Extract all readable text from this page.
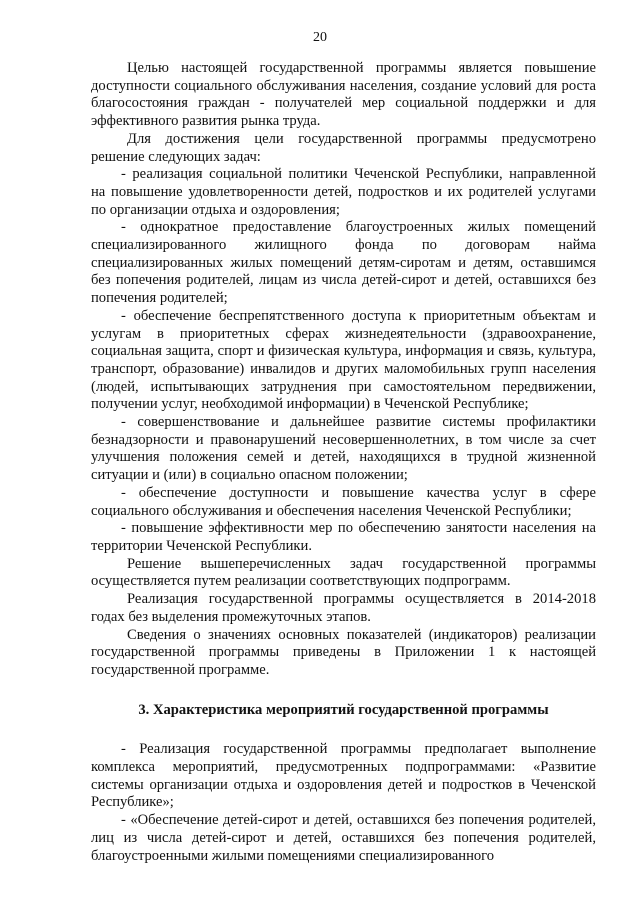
20

Целью настоящей государственной программы является повышение доступности социального обслуживания населения, создание условий для роста благосостояния граждан - получателей мер социальной поддержки и для эффективного развития рынка труда.

Для достижения цели государственной программы предусмотрено решение следующих задач:

- реализация социальной политики Чеченской Республики, направленной на повышение удовлетворенности детей, подростков и их родителей услугами по организации отдыха и оздоровления;

- однократное предоставление благоустроенных жилых помещений специализированного жилищного фонда по договорам найма специализированных жилых помещений детям-сиротам и детям, оставшимся без попечения родителей, лицам из числа детей-сирот и детей, оставшихся без попечения родителей;

- обеспечение беспрепятственного доступа к приоритетным объектам и услугам в приоритетных сферах жизнедеятельности (здравоохранение, социальная защита, спорт и физическая культура, информация и связь, культура, транспорт, образование) инвалидов и других маломобильных групп населения (людей, испытывающих затруднения при самостоятельном передвижении, получении услуг, необходимой информации) в Чеченской Республике;

- совершенствование и дальнейшее развитие системы профилактики безнадзорности и правонарушений несовершеннолетних, в том числе за счет улучшения положения семей и детей, находящихся в трудной жизненной ситуации и (или) в социально опасном положении;

- обеспечение доступности и повышение качества услуг в сфере социального обслуживания и обеспечения населения Чеченской Республики;

- повышение эффективности мер по обеспечению занятости населения на территории Чеченской Республики.

Решение вышеперечисленных задач государственной программы осуществляется путем реализации соответствующих подпрограмм.

Реализация государственной программы осуществляется в 2014-2018 годах без выделения промежуточных этапов.

Сведения о значениях основных показателей (индикаторов) реализации государственной программы приведены в Приложении 1 к настоящей государственной программе.

3. Характеристика мероприятий государственной программы

- Реализация государственной программы предполагает выполнение комплекса мероприятий, предусмотренных подпрограммами: «Развитие системы организации отдыха и оздоровления детей и подростков в Чеченской Республике»;

- «Обеспечение детей-сирот и детей, оставшихся без попечения родителей, лиц из числа детей-сирот и детей, оставшихся без попечения родителей, благоустроенными жилыми помещениями специализированного
